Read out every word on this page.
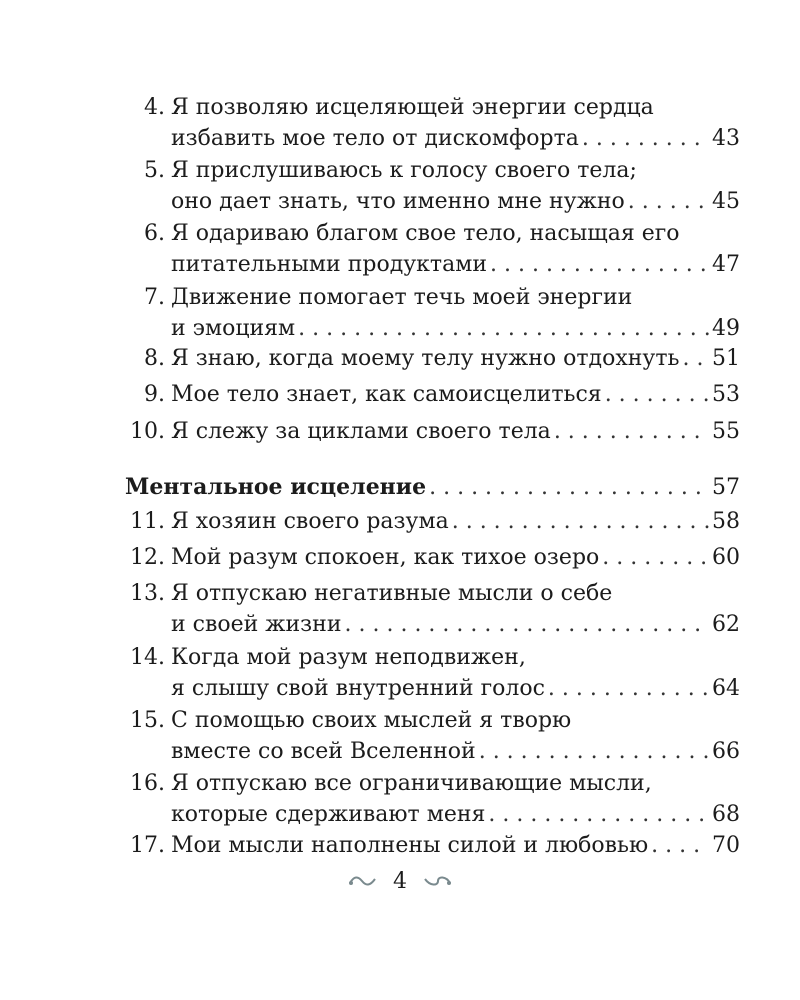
4. Я позволяю исцеляющей энергии сердца
избавить мое тело от дискомфорта . . .	43
5. Я прислушиваюсь к голосу своего тела;
оно дает знать, что именно мне нужно . . .	45
6. Я одариваю благом свое тело, насыщая его
питательными продуктами . . .	47
7. Движение помогает течь моей энергии
и эмоциям . . .	49
8. Я знаю, когда моему телу нужно отдохнуть . . . 51
9. Мое тело знает, как самоисцелиться . . .	53
10. Я слежу за циклами своего тела . . .	55
Ментальное исцеление . . .	57
11. Я хозяин своего разума . . .	58
12. Мой разум спокоен, как тихое озеро . . .	60
13. Я отпускаю негативные мысли о себе
и своей жизни . . .	62
14. Когда мой разум неподвижен,
я слышу свой внутренний голос . . .	64
15. С помощью своих мыслей я творю
вместе со всей Вселенной . . .	66
16. Я отпускаю все ограничивающие мысли,
которые сдерживают меня . . .	68
17. Мои мысли наполнены силой и любовью . . .	70
4
